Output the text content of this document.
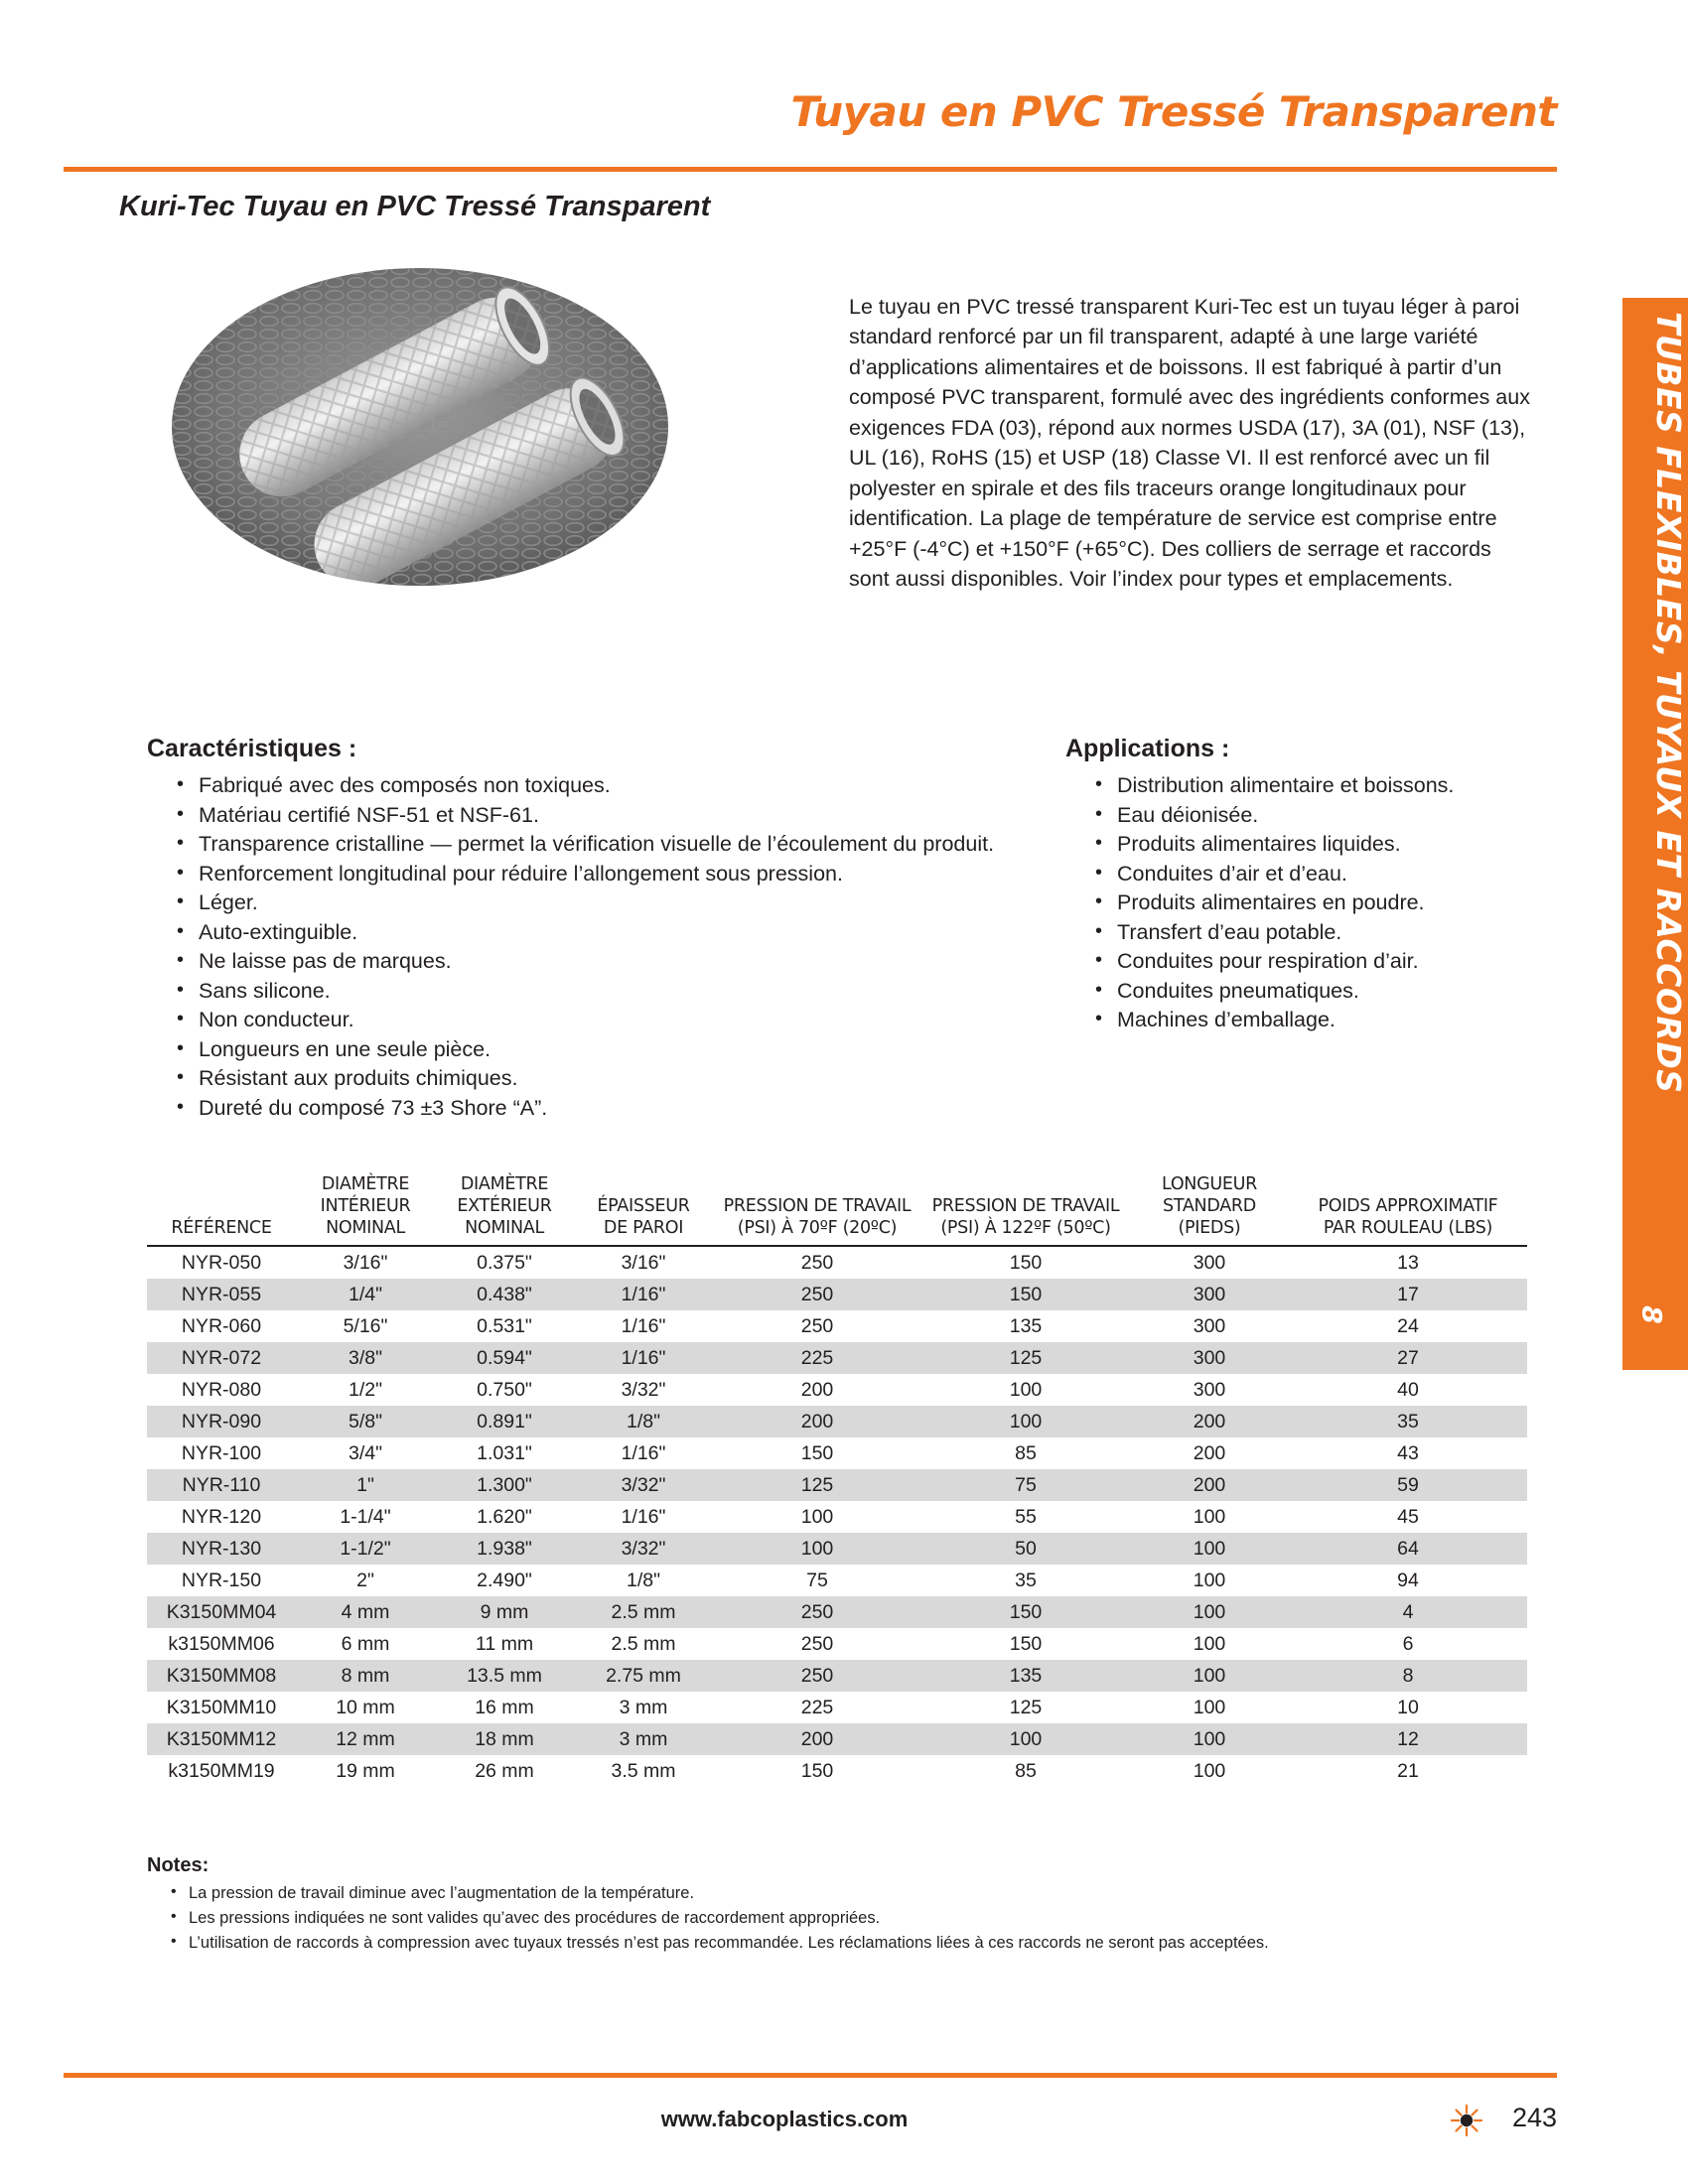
Tuyau en PVC Tressé Transparent
Kuri-Tec Tuyau en PVC Tressé Transparent

Le tuyau en PVC tressé transparent Kuri-Tec est un tuyau léger à paroi standard renforcé par un fil transparent, adapté à une large variété d’applications alimentaires et de boissons. Il est fabriqué à partir d’un composé PVC transparent, formulé avec des ingrédients conformes aux exigences FDA (03), répond aux normes USDA (17), 3A (01), NSF (13), UL (16), RoHS (15) et USP (18) Classe VI. Il est renforcé avec un fil polyester en spirale et des fils traceurs orange longitudinaux pour identification. La plage de température de service est comprise entre +25°F (-4°C) et +150°F (+65°C). Des colliers de serrage et raccords sont aussi disponibles. Voir l’index pour types et emplacements.

Caractéristiques :
• Fabriqué avec des composés non toxiques.
• Matériau certifié NSF-51 et NSF-61.
• Transparence cristalline — permet la vérification visuelle de l’écoulement du produit.
• Renforcement longitudinal pour réduire l’allongement sous pression.
• Léger.
• Auto-extinguible.
• Ne laisse pas de marques.
• Sans silicone.
• Non conducteur.
• Longueurs en une seule pièce.
• Résistant aux produits chimiques.
• Dureté du composé 73 ±3 Shore “A”.
Applications :
• Distribution alimentaire et boissons.
• Eau déionisée.
• Produits alimentaires liquides.
• Conduites d’air et d’eau.
• Produits alimentaires en poudre.
• Transfert d’eau potable.
• Conduites pour respiration d’air.
• Conduites pneumatiques.
• Machines d’emballage.
RÉFÉRENCE	DIAMÈTRE
INTÉRIEUR
NOMINAL	DIAMÈTRE
EXTÉRIEUR
NOMINAL	ÉPAISSEUR
DE PAROI	PRESSION DE TRAVAIL
(PSI) À 70ºF (20ºC)	PRESSION DE TRAVAIL
(PSI) À 122ºF (50ºC)	LONGUEUR
STANDARD
(PIEDS)	POIDS APPROXIMATIF
PAR ROULEAU (LBS)
NYR-050	3/16"	0.375"	3/16"	250	150	300	13
NYR-055	1/4"	0.438"	1/16"	250	150	300	17
NYR-060	5/16"	0.531"	1/16"	250	135	300	24
NYR-072	3/8"	0.594"	1/16"	225	125	300	27
NYR-080	1/2"	0.750"	3/32"	200	100	300	40
NYR-090	5/8"	0.891"	1/8"	200	100	200	35
NYR-100	3/4"	1.031"	1/16"	150	85	200	43
NYR-110	1"	1.300"	3/32"	125	75	200	59
NYR-120	1-1/4"	1.620"	1/16"	100	55	100	45
NYR-130	1-1/2"	1.938"	3/32"	100	50	100	64
NYR-150	2"	2.490"	1/8"	75	35	100	94
K3150MM04	4 mm	9 mm	2.5 mm	250	150	100	4
k3150MM06	6 mm	11 mm	2.5 mm	250	150	100	6
K3150MM08	8 mm	13.5 mm	2.75 mm	250	135	100	8
K3150MM10	10 mm	16 mm	3 mm	225	125	100	10
K3150MM12	12 mm	18 mm	3 mm	200	100	100	12
k3150MM19	19 mm	26 mm	3.5 mm	150	85	100	21
Notes:
• La pression de travail diminue avec l’augmentation de la température.
• Les pressions indiquées ne sont valides qu’avec des procédures de raccordement appropriées.
• L’utilisation de raccords à compression avec tuyaux tressés n’est pas recommandée. Les réclamations liées à ces raccords ne seront pas acceptées.
TUBES FLEXIBLES, TUYAUX ET RACCORDS
8
www.fabcoplastics.com	243
